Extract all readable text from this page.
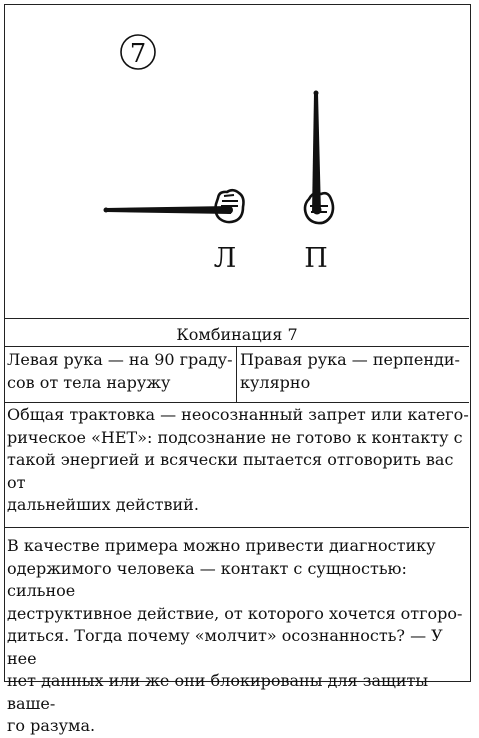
7
Л	П
Комбинация 7
Левая рука — на 90 граду-
сов от тела наружу
Правая рука — перпенди-
кулярно
Общая трактовка — неосознанный запрет или катего-
рическое «НЕТ»: подсознание не готово к контакту с
такой энергией и всячески пытается отговорить вас от
дальнейших действий.
В качестве примера можно привести диагностику
одержимого человека — контакт с сущностью: сильное
деструктивное действие, от которого хочется отгоро-
диться. Тогда почему «молчит» осознанность? — У нее
нет данных или же они блокированы для защиты ваше-
го разума.
